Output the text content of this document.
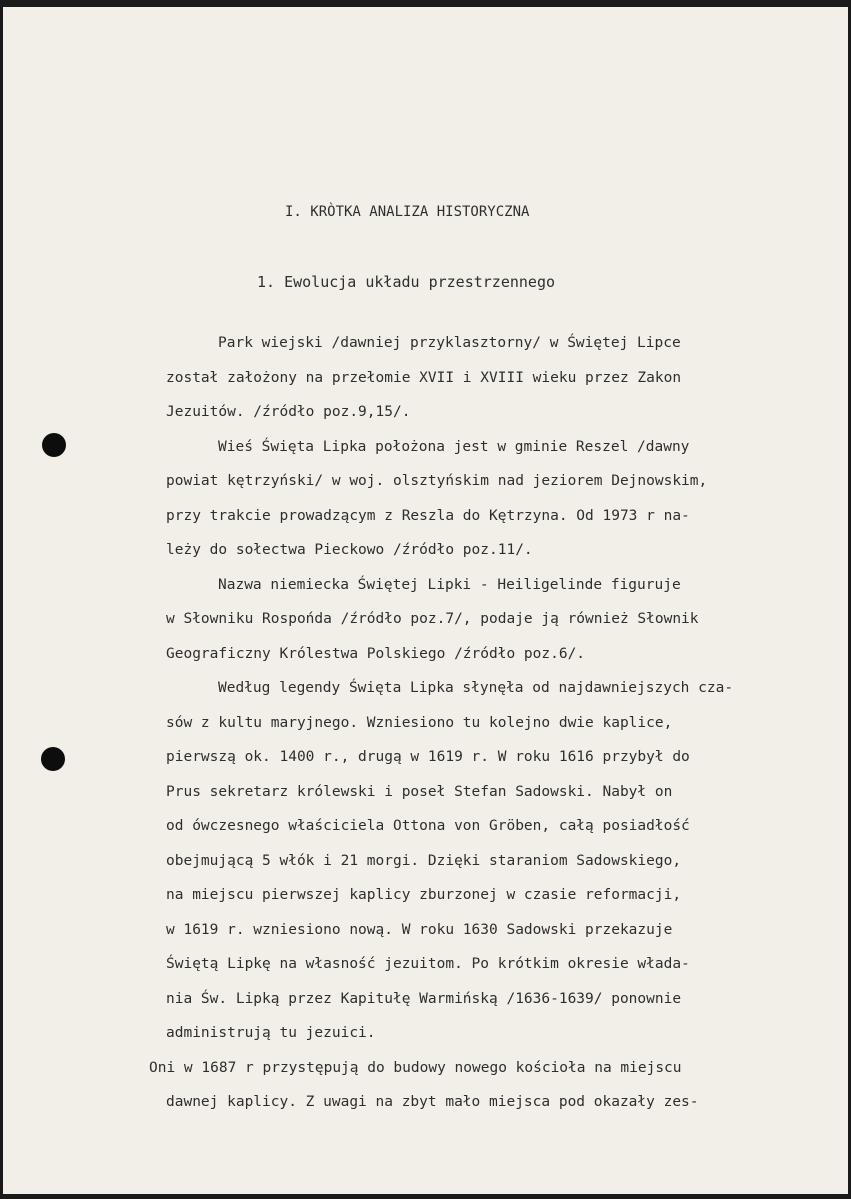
I. KRÒTKA ANALIZA HISTORYCZNA
1. Ewolucja układu przestrzennego
Park wiejski /dawniej przyklasztorny/ w Świętej Lipce
został założony na przełomie XVII i XVIII wieku przez Zakon
Jezuitów. /źródło poz.9,15/.
Wieś Święta Lipka położona jest w gminie Reszel /dawny
powiat kętrzyński/ w woj. olsztyńskim nad jeziorem Dejnowskim,
przy trakcie prowadzącym z Reszla do Kętrzyna. Od 1973 r na-
leży do sołectwa Pieckowo /źródło poz.11/.
Nazwa niemiecka Świętej Lipki - Heiligelinde figuruje
w Słowniku Rospońda /źródło poz.7/, podaje ją również Słownik
Geograficzny Królestwa Polskiego /źródło poz.6/.
Według legendy Święta Lipka słynęła od najdawniejszych cza-
sów z kultu maryjnego. Wzniesiono tu kolejno dwie kaplice,
pierwszą ok. 1400 r., drugą w 1619 r. W roku 1616 przybył do
Prus sekretarz królewski i poseł Stefan Sadowski. Nabył on
od ówczesnego właściciela Ottona von Gröben, całą posiadłość
obejmującą 5 włók i 21 morgi. Dzięki staraniom Sadowskiego,
na miejscu pierwszej kaplicy zburzonej w czasie reformacji,
w 1619 r. wzniesiono nową. W roku 1630 Sadowski przekazuje
Świętą Lipkę na własność jezuitom. Po krótkim okresie władа-
nia Św. Lipką przez Kapitułę Warmińską /1636-1639/ ponownie
administrują tu jezuici.
Oni w 1687 r przystępują do budowy nowego kościoła na miejscu
dawnej kaplicy. Z uwagi na zbyt mało miejsca pod okazały zes-
